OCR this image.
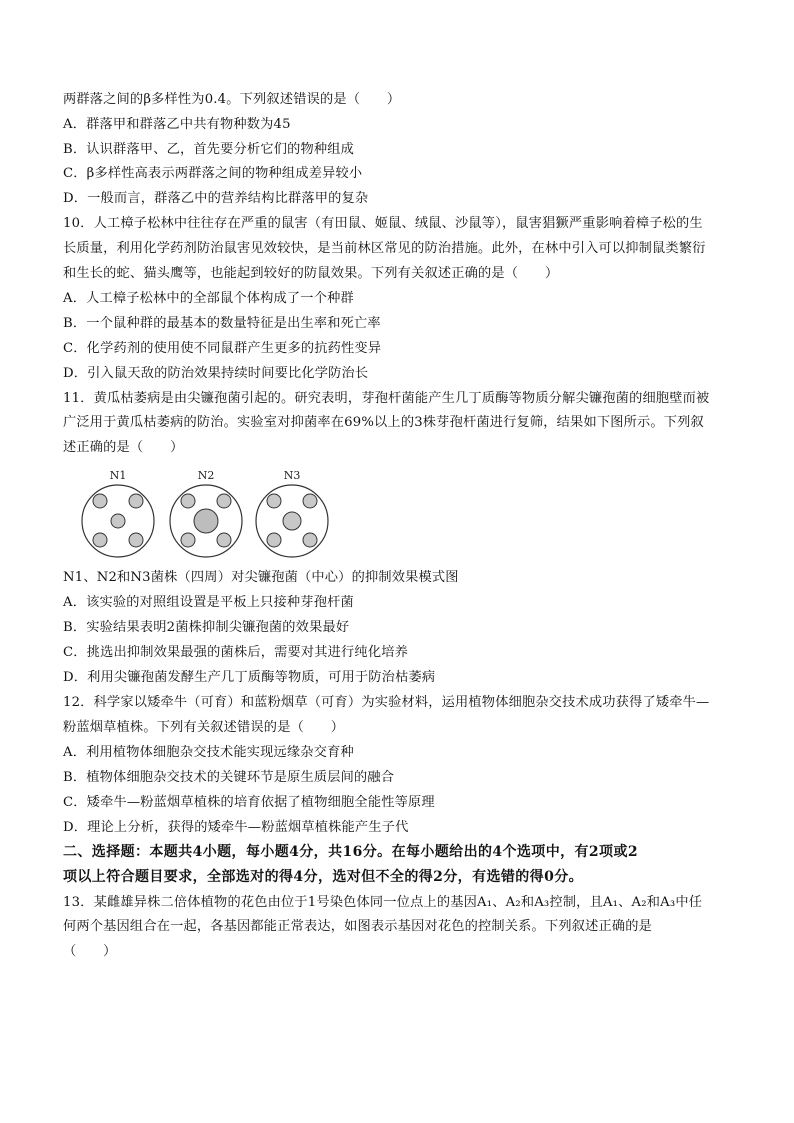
两群落之间的β多样性为0.4。下列叙述错误的是（　　）
A．群落甲和群落乙中共有物种数为45
B．认识群落甲、乙，首先要分析它们的物种组成
C．β多样性高表示两群落之间的物种组成差异较小
D．一般而言，群落乙中的营养结构比群落甲的复杂
10．人工樟子松林中往往存在严重的鼠害（有田鼠、姬鼠、绒鼠、沙鼠等），鼠害猖獗严重影响着樟子松的生
长质量，利用化学药剂防治鼠害见效较快，是当前林区常见的防治措施。此外，在林中引入可以抑制鼠类繁衍
和生长的蛇、猫头鹰等，也能起到较好的防鼠效果。下列有关叙述正确的是（　　）
A．人工樟子松林中的全部鼠个体构成了一个种群
B．一个鼠种群的最基本的数量特征是出生率和死亡率
C．化学药剂的使用使不同鼠群产生更多的抗药性变异
D．引入鼠天敌的防治效果持续时间要比化学防治长
11．黄瓜枯萎病是由尖镰孢菌引起的。研究表明，芽孢杆菌能产生几丁质酶等物质分解尖镰孢菌的细胞壁而被
广泛用于黄瓜枯萎病的防治。实验室对抑菌率在69%以上的3株芽孢杆菌进行复筛，结果如下图所示。下列叙
述正确的是（　　）
N1	N2	N3
N1、N2和N3菌株（四周）对尖镰孢菌（中心）的抑制效果模式图
A．该实验的对照组设置是平板上只接种芽孢杆菌
B．实验结果表明2菌株抑制尖镰孢菌的效果最好
C．挑选出抑制效果最强的菌株后，需要对其进行纯化培养
D．利用尖镰孢菌发酵生产几丁质酶等物质，可用于防治枯萎病
12．科学家以矮牵牛（可育）和蓝粉烟草（可育）为实验材料，运用植物体细胞杂交技术成功获得了矮牵牛—
粉蓝烟草植株。下列有关叙述错误的是（　　）
A．利用植物体细胞杂交技术能实现远缘杂交育种
B．植物体细胞杂交技术的关键环节是原生质层间的融合
C．矮牵牛—粉蓝烟草植株的培育依据了植物细胞全能性等原理
D．理论上分析，获得的矮牵牛—粉蓝烟草植株能产生子代
二、选择题：本题共4小题，每小题4分，共16分。在每小题给出的4个选项中，有2项或2
项以上符合题目要求，全部选对的得4分，选对但不全的得2分，有选错的得0分。
13．某雌雄异株二倍体植物的花色由位于1号染色体同一位点上的基因A₁、A₂和A₃控制，且A₁、A₂和A₃中任
何两个基因组合在一起，各基因都能正常表达，如图表示基因对花色的控制关系。下列叙述正确的是
（　　）
